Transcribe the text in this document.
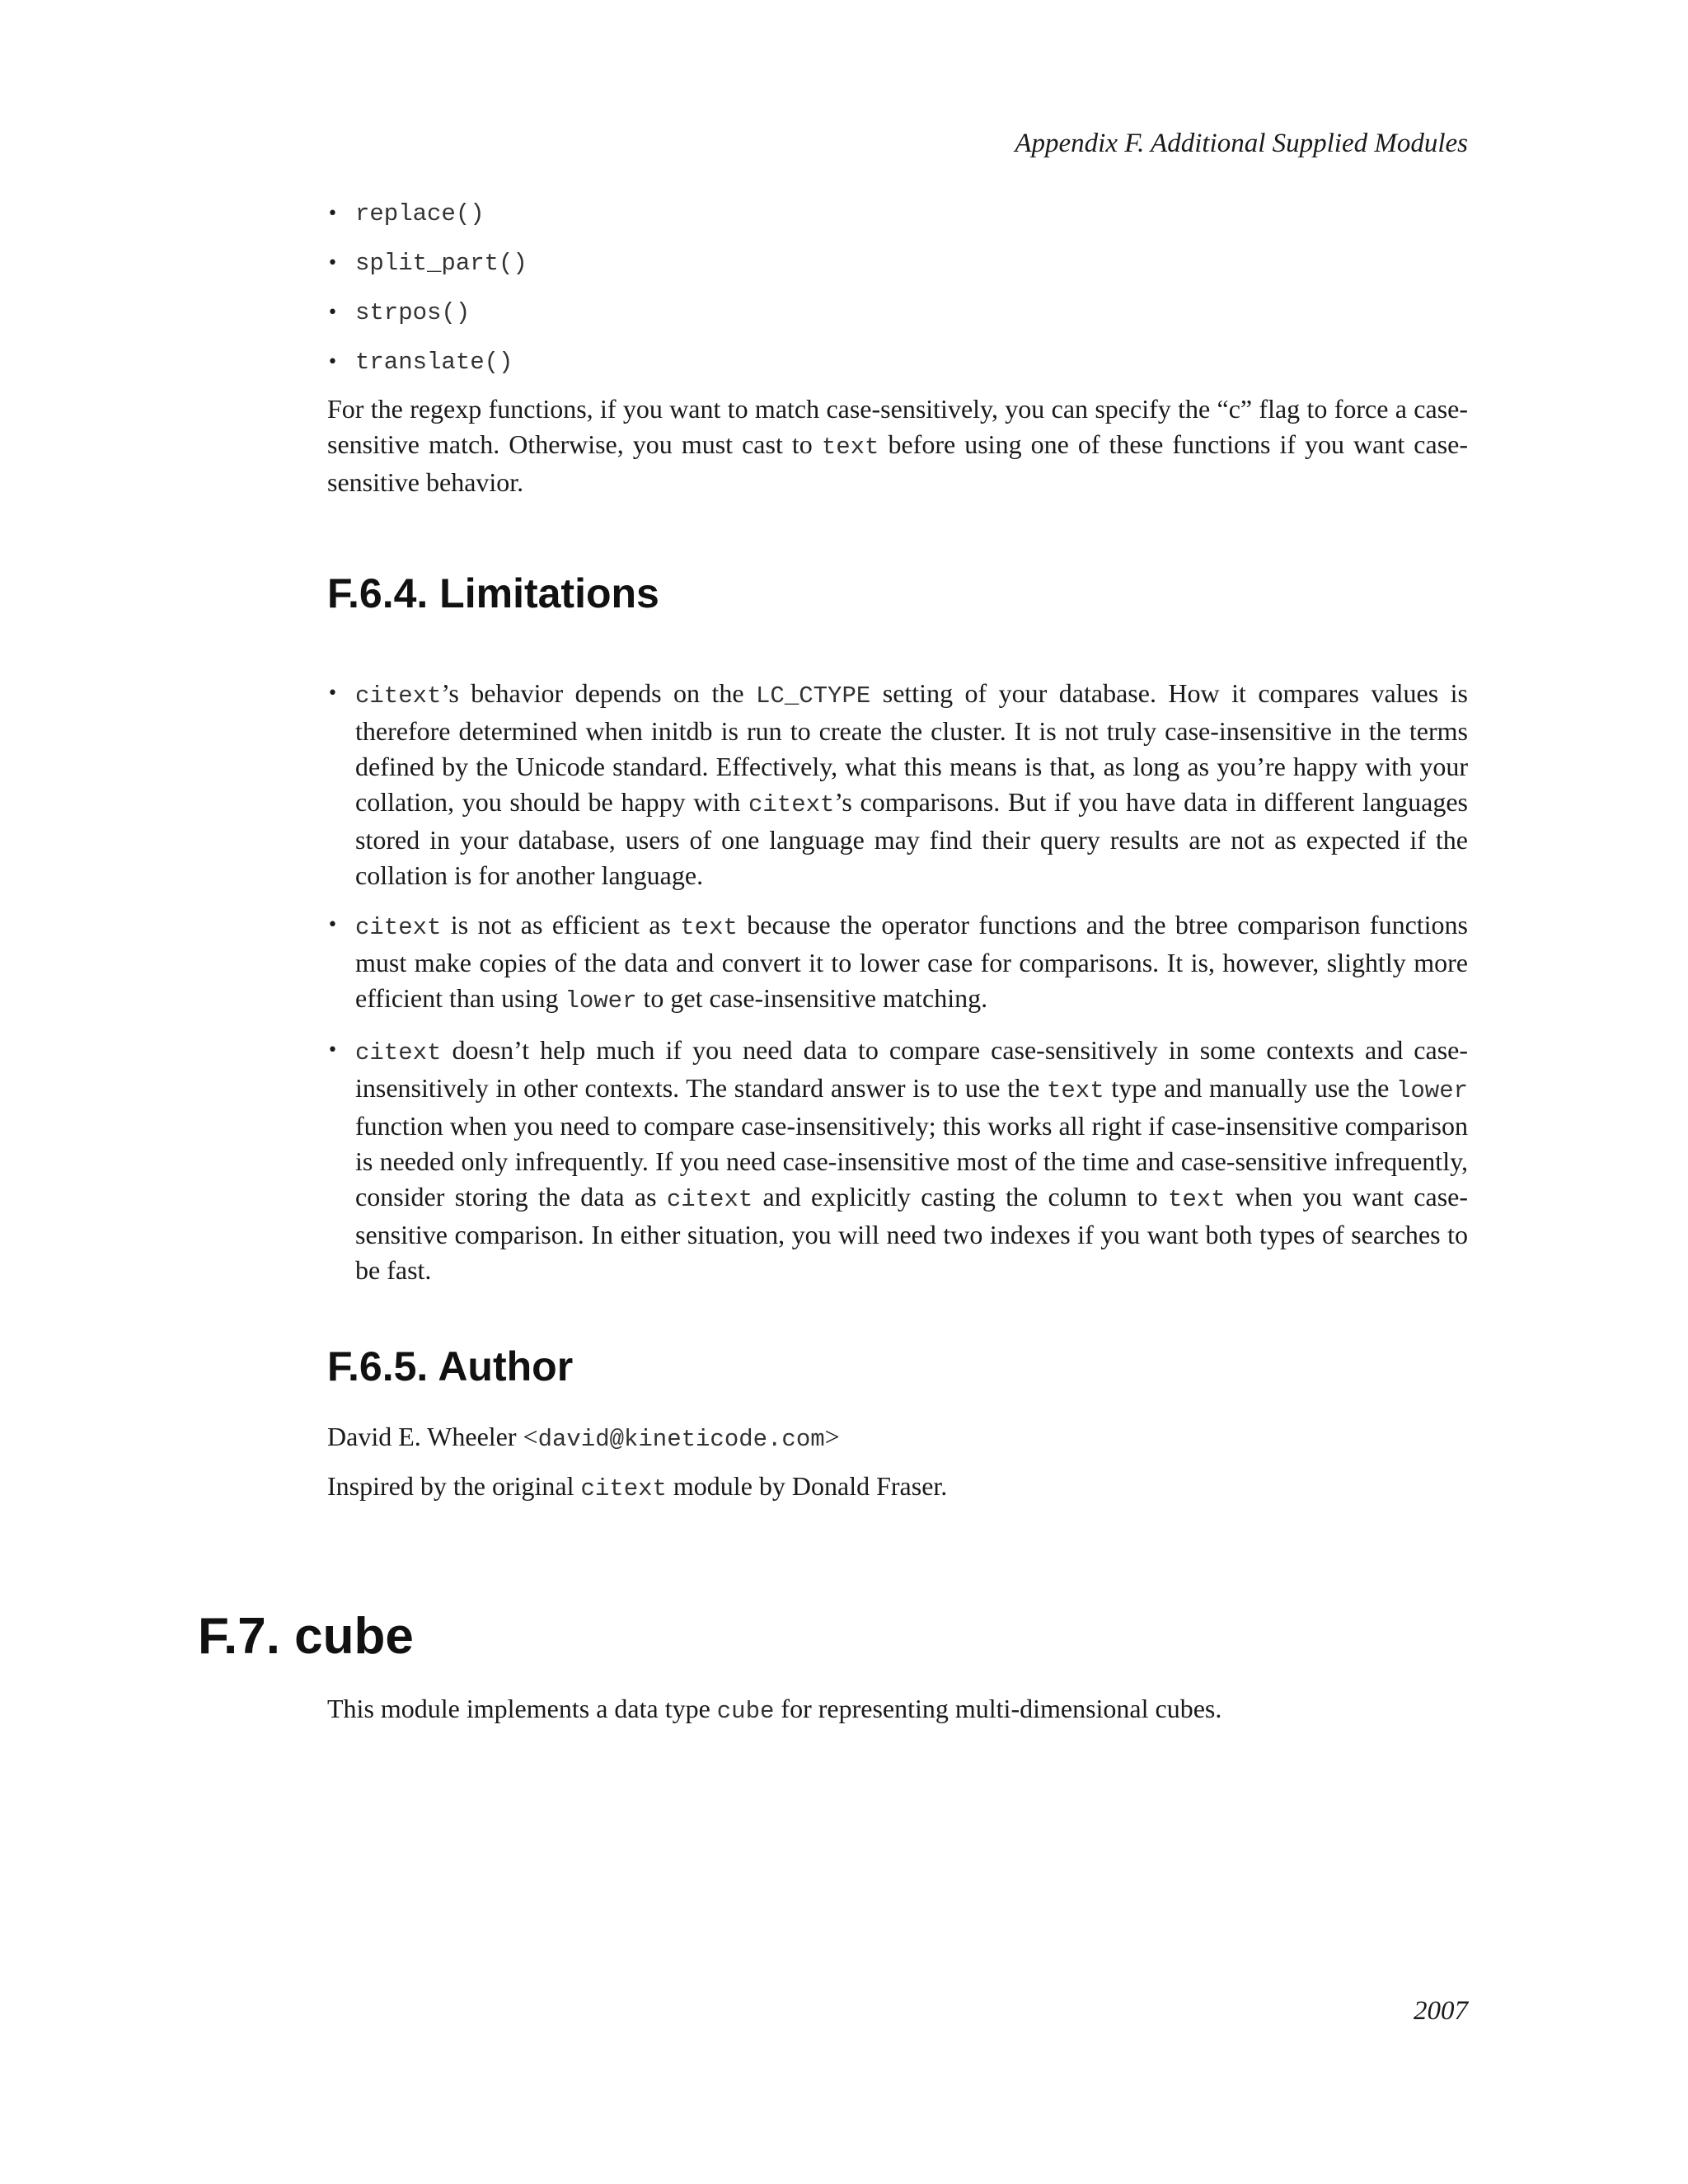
Appendix F. Additional Supplied Modules
• replace()
• split_part()
• strpos()
• translate()

For the regexp functions, if you want to match case-sensitively, you can specify the “c” flag to force a case-sensitive match. Otherwise, you must cast to text before using one of these functions if you want case-sensitive behavior.

F.6.4. Limitations
• citext’s behavior depends on the LC_CTYPE setting of your database. How it compares values is therefore determined when initdb is run to create the cluster. It is not truly case-insensitive in the terms defined by the Unicode standard. Effectively, what this means is that, as long as you’re happy with your collation, you should be happy with citext’s comparisons. But if you have data in different languages stored in your database, users of one language may find their query results are not as expected if the collation is for another language.

• citext is not as efficient as text because the operator functions and the btree comparison functions must make copies of the data and convert it to lower case for comparisons. It is, however, slightly more efficient than using lower to get case-insensitive matching.

• citext doesn’t help much if you need data to compare case-sensitively in some contexts and case-insensitively in other contexts. The standard answer is to use the text type and manually use the lower function when you need to compare case-insensitively; this works all right if case-insensitive comparison is needed only infrequently. If you need case-insensitive most of the time and case-sensitive infrequently, consider storing the data as citext and explicitly casting the column to text when you want case-sensitive comparison. In either situation, you will need two indexes if you want both types of searches to be fast.

F.6.5. Author

David E. Wheeler <david@kineticode.com>

Inspired by the original citext module by Donald Fraser.

F.7. cube

This module implements a data type cube for representing multi-dimensional cubes.

2007
